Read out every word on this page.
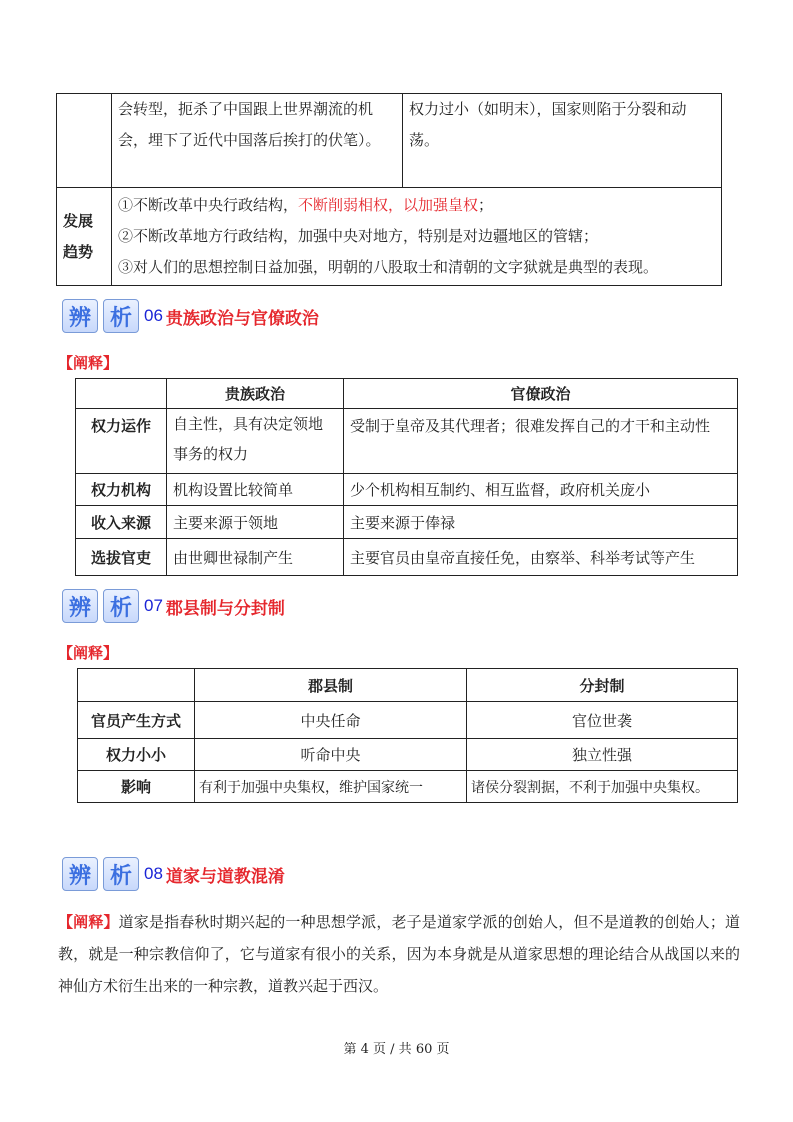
	会转型，扼杀了中国跟上世界潮流的机会，埋下了近代中国落后挨打的伏笔）。	权力过小（如明末），国家则陷于分裂和动荡。
发展趋势	①不断改革中央行政结构，不断削弱相权，以加强皇权；
②不断改革地方行政结构，加强中央对地方，特别是对边疆地区的管辖；
③对人们的思想控制日益加强，明朝的八股取士和清朝的文字狱就是典型的表现。	
辨 析 06 贵族政治与官僚政治
【阐释】
	贵族政治	官僚政治
权力运作	自主性，具有决定领地事务的权力	受制于皇帝及其代理者；很难发挥自己的才干和主动性
权力机构	机构设置比较简单	少个机构相互制约、相互监督，政府机关庞小
收入来源	主要来源于领地	主要来源于俸禄
选拔官吏	由世卿世禄制产生	主要官员由皇帝直接任免，由察举、科举考试等产生
辨 析 07 郡县制与分封制
【阐释】
	郡县制	分封制
官员产生方式	中央任命	官位世袭
权力小小	听命中央	独立性强
影响	有利于加强中央集权，维护国家统一	诸侯分裂割据，不利于加强中央集权。
辨 析 08 道家与道教混淆
【阐释】道家是指春秋时期兴起的一种思想学派，老子是道家学派的创始人，但不是道教的创始人；道教，就是一种宗教信仰了，它与道家有很小的关系，因为本身就是从道家思想的理论结合从战国以来的神仙方术衍生出来的一种宗教，道教兴起于西汉。
第 4 页 / 共 60 页
